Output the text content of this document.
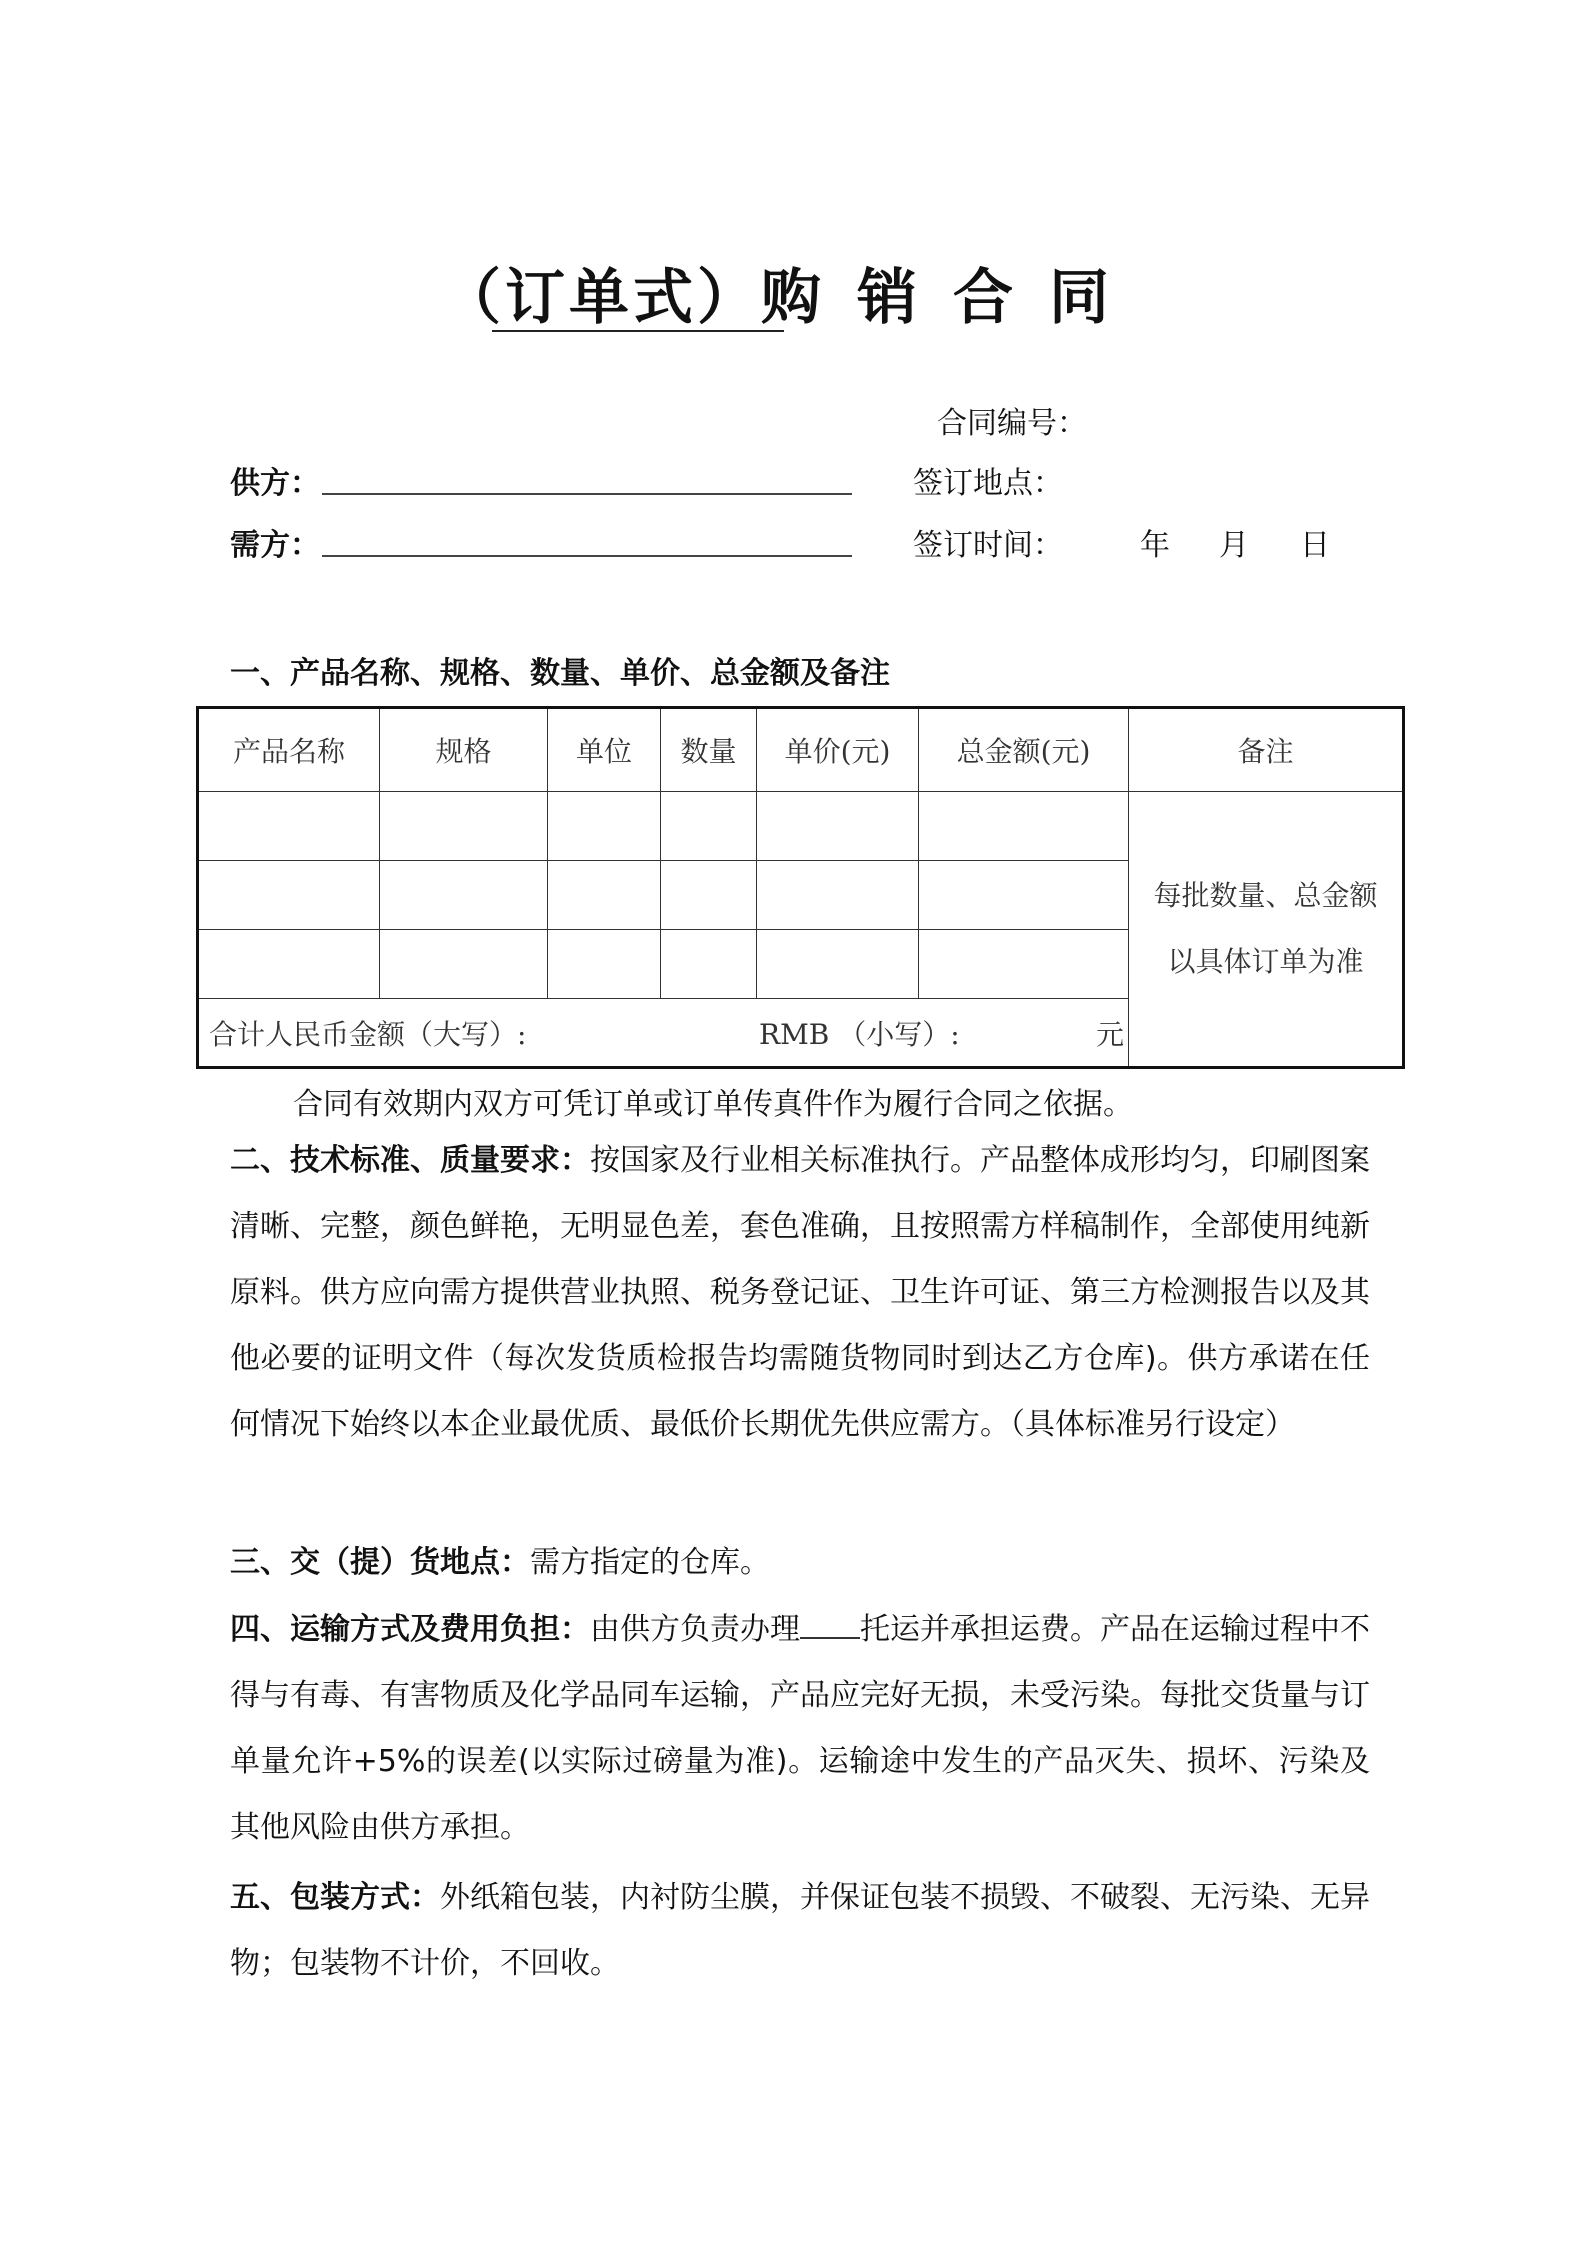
（订单式）购销合同
合同编号：
供方：	签订地点：
需方：	签订时间：	年 月 日
一、产品名称、规格、数量、单价、总金额及备注
产品名称	规格	单位	数量	单价(元)	总金额(元)	备注

						每批数量、总金额
以具体订单为准

合计人民币金额（大写）: RMB （小写）: 元						
合同有效期内双方可凭订单或订单传真件作为履行合同之依据。
二、技术标准、质量要求：按国家及行业相关标准执行。产品整体成形均匀，印刷图案清晰、完整，颜色鲜艳，无明显色差，套色准确，且按照需方样稿制作，全部使用纯新原料。供方应向需方提供营业执照、税务登记证、卫生许可证、第三方检测报告以及其他必要的证明文件（每次发货质检报告均需随货物同时到达乙方仓库)。供方承诺在任何情况下始终以本企业最优质、最低价长期优先供应需方。（具体标准另行设定）
三、交（提）货地点：需方指定的仓库。
四、运输方式及费用负担：由供方负责办理 托运并承担运费。产品在运输过程中不得与有毒、有害物质及化学品同车运输，产品应完好无损，未受污染。每批交货量与订单量允许+5%的误差(以实际过磅量为准)。运输途中发生的产品灭失、损坏、污染及其他风险由供方承担。
五、包装方式：外纸箱包装，内衬防尘膜，并保证包装不损毁、不破裂、无污染、无异物；包装物不计价，不回收。
